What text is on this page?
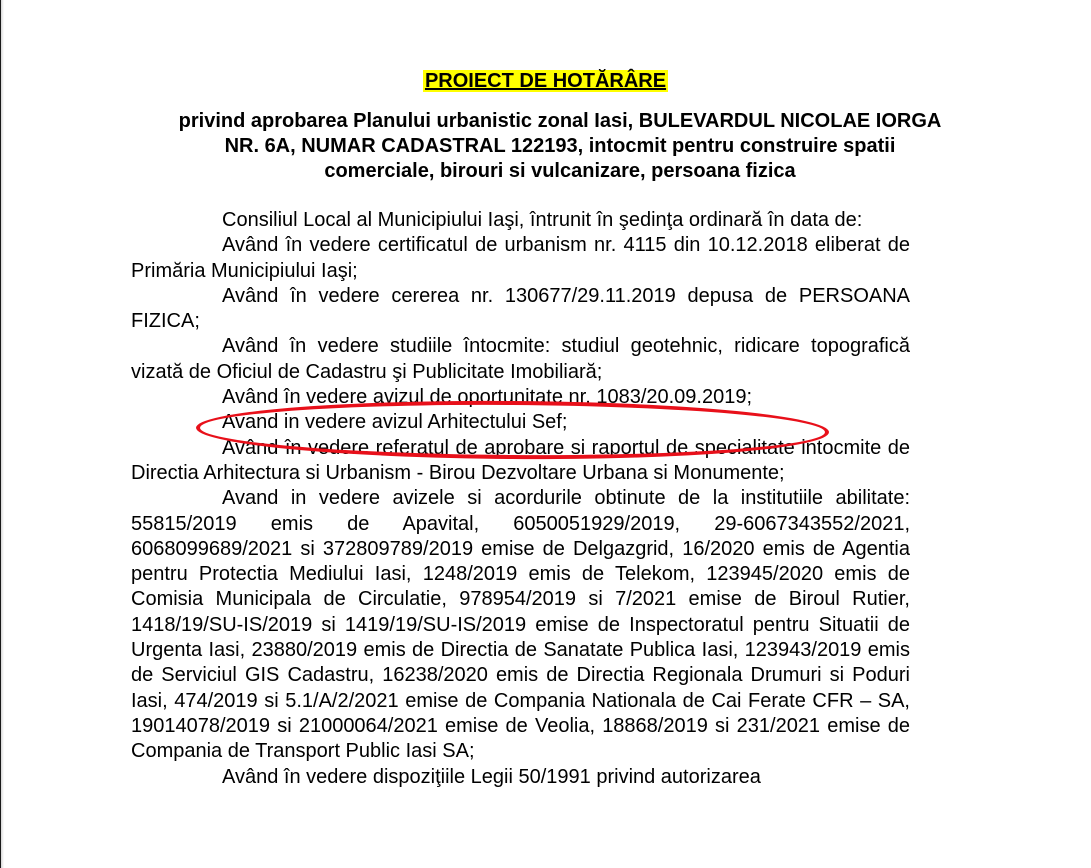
PROIECT DE HOTĂRÂRE
privind aprobarea Planului urbanistic zonal Iasi, BULEVARDUL NICOLAE IORGA
NR. 6A, NUMAR CADASTRAL 122193, intocmit pentru construire spatii
comerciale, birouri si vulcanizare, persoana fizica

Consiliul Local al Municipiului Iaşi, întrunit în şedinţa ordinară în data de:

Având în vedere certificatul de urbanism nr. 4115 din 10.12.2018 eliberat de Primăria Municipiului Iaşi;

Având în vedere cererea nr. 130677/29.11.2019 depusa de PERSOANA FIZICA;

Având în vedere studiile întocmite: studiul geotehnic, ridicare topografică vizată de Oficiul de Cadastru şi Publicitate Imobiliară;

Având în vedere avizul de oportunitate nr. 1083/20.09.2019;

Avand in vedere avizul Arhitectului Sef;

Având în vedere referatul de aprobare si raportul de specialitate intocmite de Directia Arhitectura si Urbanism - Birou Dezvoltare Urbana si Monumente;

Avand in vedere avizele si acordurile obtinute de la institutiile abilitate: 55815/2019 emis de Apavital, 6050051929/2019, 29-6067343552/2021, 6068099689/2021 si 372809789/2019 emise de Delgazgrid, 16/2020 emis de Agentia pentru Protectia Mediului Iasi, 1248/2019 emis de Telekom, 123945/2020 emis de Comisia Municipala de Circulatie, 978954/2019 si 7/2021 emise de Biroul Rutier, 1418/19/SU-IS/2019 si 1419/19/SU-IS/2019 emise de Inspectoratul pentru Situatii de Urgenta Iasi, 23880/2019 emis de Directia de Sanatate Publica Iasi, 123943/2019 emis de Serviciul GIS Cadastru, 16238/2020 emis de Directia Regionala Drumuri si Poduri Iasi, 474/2019 si 5.1/A/2/2021 emise de Compania Nationala de Cai Ferate CFR – SA, 19014078/2019 si 21000064/2021 emise de Veolia, 18868/2019 si 231/2021 emise de Compania de Transport Public Iasi SA;

Având în vedere dispoziţiile Legii 50/1991 privind autorizarea
